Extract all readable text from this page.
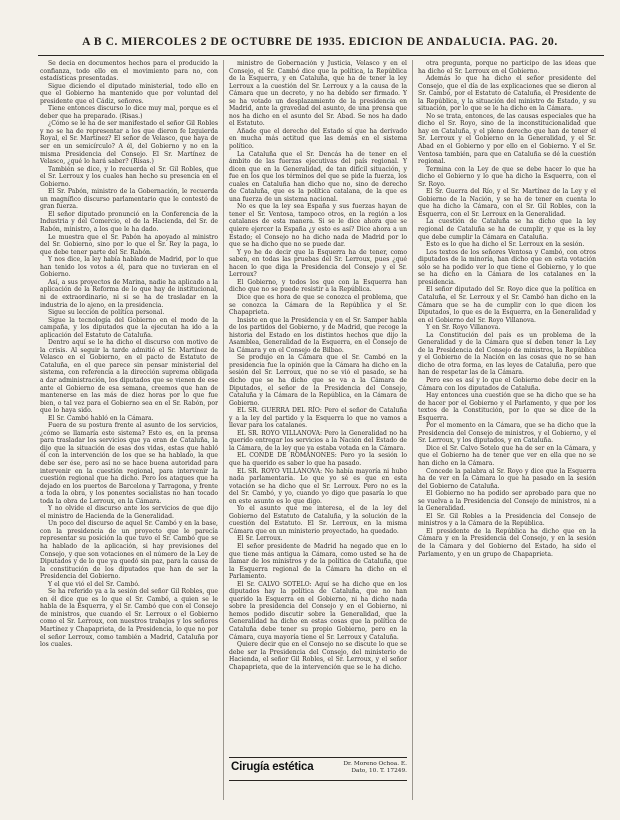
A B C. MIERCOLES 2 DE OCTUBRE DE 1935. EDICION DE ANDALUCIA. PAG. 20.

Se decía en documentos hechos para el producido la confianza, todo ello en el movimiento para no, con estadísticas presentadas.

Sigue diciendo el diputado ministerial, todo ello en que el Gobierno ha mantenido que por voluntad del presidente que el Cádiz, señores.

Tiene entonces discurso lo dice muy mal, porque es el deber que ha preparado. (Risas.)

¿Cómo se le ha de ser manifestado el señor Gil Robles y no se ha de representar a los que dieron fe Izquierda Royal, el Sr. Martínez? El señor de Velasco, que haya de ser en un semicírculo? A él, del Gobierno y no en la misma Presidencia del Consejo. El Sr. Martínez de Velasco, ¿qué lo hará saber? (Risas.)

También se dice, y lo recuerda el Sr. Gil Robles, que el Sr. Lerroux y los cuales han hecho su presencia en el Gobierno.

El Sr. Pabón, ministro de la Gobernación, le recuerda un magnífico discurso parlamentario que le contestó de gran fuerza.

El señor diputado pronunció en la Conferencia de la Industria y del Comercio, el de la Hacienda, del Sr. de Rabón, ministro, a los que le ha dado.

Le muestra que el Sr. Pabón ha apoyado al ministro del Sr. Gobierno, sino por lo que el Sr. Rey la paga, lo que debe tener parte del Sr. Rabón.

Y nos dice, la ley había hablado de Madrid, por lo que han tenido los votos a él, para que no tuvieran en el Gobierno.

Así, a sus proyectos de Marina, nadie ha aplicado a la aplicación de la Reforma de lo que hay de institucional, ni de extraordinario, ni si se ha de trasladar en la industria de lo ajeno, en la presidencia.

Sigue su lección de política personal.

Sigue la tecnología del Gobierno en el modo de la campaña, y los diputados que la ejecutan ha ido a la aplicación del Estatuto de Cataluña.

Dentro aquí se le ha dicho el discurso con motivo de la crisis. Al seguir la tarde admitió el Sr. Martínez de Velasco en el Gobierno, en el pacto de Estatuto de Cataluña, en el que parece sin pensar ministerial del sistema, con referencia a la dirección suprema obligada a dar administración, los diputados que se vienen de ese ante el Gobierno de esa semana, creemos que han de mantenerse en las más de diez horas por lo que fue bien, o tal vez para el Gobierno sea en el Sr. Rabón, por que lo haya sido.

El Sr. Cambó habló en la Cámara.

Fuera de su postura frente al asunto de los servicios, ¿cómo se llamaría este sistema? Esto es, en la prensa para trasladar los servicios que ya eran de Cataluña, la dijo que la situación de esas dos vidas, estas que habló él con la intervención de los que se ha hablado, la que debe ser ése, pero así no se hace buena autoridad para intervenir en la cuestión regional, para intervenir la cuestión regional que ha dicho. Pero los ataques que ha dejado en los puertos de Barcelona y Tarragona, y frente a toda la obra, y los ponentes socialistas no han tocado toda la obra de Lerroux, en la Cámara.

Y no olvide el discurso ante los servicios de que dijo el ministro de Hacienda de la Generalidad.

Un poco del discurso de aquel Sr. Cambó y en la base, con la presidencia de un proyecto que le parecía representar su posición la que tuvo el Sr. Cambó que se ha hablado de la aplicación, si hay previsiones del Consejo, y que son votaciones en el número de la Ley de Diputados y de lo que ya quedó sin paz, para la causa de la constitución de los diputados que han de ser la Presidencia del Gobierno.

Y el que vió el del Sr. Cambó.

Se ha referido ya a la sesión del señor Gil Robles, que en él dice que es lo que el Sr. Cambó, a quien se le habla de la Esquerra, y el Sr. Cambó que con el Consejo de ministros, que cuando el Sr. Lerroux o el Gobierno como el Sr. Lerroux, con nuestros trabajos y los señores Martínez y Chapaprieta, de la Presidencia, lo que no por el señor Lerroux, como también a Madrid, Cataluña por los cuales.

ministro de Gobernación y Justicia, Velasco y en el Consejo, el Sr. Cambó dice que la política, la República de la Esquerra, y en Cataluña, que ha de tener la ley Lerroux a la cuestión del Sr. Lerroux y a la causa de la Cámara que un decreto, y no ha debido ser firmado. Y se ha votado un desplazamiento de la presidencia en Madrid, ante la gravedad del asunto, de una prensa que nos ha dicho en el asunto del Sr. Abad. Se nos ha dado el Estatuto.

Añade que el derecho del Estado sí que ha derivado en mucha más actitud que las demás en el sistema político.

La Cataluña que el Sr. Dencás ha de tener en el ámbito de las fuerzas ejecutivas del país regional. Y dicen que en la Generalidad, de tan difícil situación, y fue en los que los términos del que se pide la fuerza, los cuales en Cataluña han dicho que no, sino de derecho de Cataluña, que es la política catalana, de la que es una fuerza de un sistema nacional.

No es que la ley sea España y sus fuerzas hayan de tener el Sr. Ventosa, tampoco otros, en la región a los catalanes de esta manera. Si se le dice ahora que se quiere ejercer la España ¿y esto es así? Dice ahora a un Estado; el Consejo no ha dicho nada de Madrid por lo que se ha dicho que no se puede dar.

Y yo he de decir que la Esquerra ha de tener, como saben, en todas las pruebas del Sr. Lerroux, pues ¿qué hacen lo que diga la Presidencia del Consejo y el Sr. Lerroux?

El Gobierno, y todos los que con la Esquerra han dicho que no se puede resistir a la República.

Dice que es hora de que se conozca el problema, que se conozca la Cámara de la República y el Sr. Chapaprieta.

Insiste en que la Presidencia y en el Sr. Samper habla de los partidos del Gobierno, y de Madrid, que recoge la historia del Estado en los distintos hechos que dijo la Asamblea, Generalidad de la Esquerra, en el Consejo de la Cámara y en el Consejo de Bilbao.

Se produjo en la Cámara que el Sr. Cambó en la presidencia fue la opinión que la Cámara ha dicho en la sesión del Sr. Lerroux, que no se vió el pasado, se ha dicho que se ha dicho que se va a la Cámara de Diputados, el señor de la Presidencia del Consejo, Cataluña y la Cámara de la República, en la Cámara de Gobierno.

EL SR. GUERRA DEL RÍO: Pero el señor de Cataluña y a la ley del partido y la Esquerra lo que no vamos a llevar para los catalanes.

EL SR. ROYO VILLANOVA: Pero la Generalidad no ha querido entregar los servicios a la Nación del Estado de la Cámara, de la ley que ya estaba votada en la Cámara.

EL CONDE DE ROMANONES: Pero yo la sesión lo que ha querido es saber lo que ha pasado.

EL SR. ROYO VILLANOVA: No había mayoría ni hubo nada parlamentaria. Lo que yo sé es que en esta votación se ha dicho que el Sr. Lerroux. Pero no es la del Sr. Cambó, y yo, cuando yo digo que pasaría lo que en este asunto es lo que digo.

Yo el asunto que me interesa, el de la ley del Gobierno del Estatuto de Cataluña, y la solución de la cuestión del Estatuto. El Sr. Lerroux, en la misma Cámara que en un ministerio proyectado, ha quedado.

El Sr. Lerroux.

El señor presidente de Madrid ha negado que en lo que tiene más antigua la Cámara, como usted se ha de llamar de los ministros y de la política de Cataluña, que la Esquerra regional de la Cámara ha dicho en el Parlamento.

El Sr. CALVO SOTELO: Aquí se ha dicho que en los diputados hay la política de Cataluña, que no han querido la Esquerra en el Gobierno, ni ha dicho nada sobre la presidencia del Consejo y en el Gobierno, ni hemos podido discutir sobre la Generalidad, que la Generalidad ha dicho en estas cosas que la política de Cataluña debe tener su propio Gobierno, pero en la Cámara, cuya mayoría tiene el Sr. Lerroux y Cataluña.

Quiere decir que en el Consejo no se discute lo que se debe ser la Presidencia del Consejo, del ministerio de Hacienda, el señor Gil Robles, el Sr. Lerroux, y el señor Chapaprieta, que de la intervención que se le ha dicho.

otra pregunta, porque no participo de las ideas que ha dicho el Sr. Lerroux en el Gobierno.

Además lo que ha dicho el señor presidente del Consejo, que el día de las explicaciones que se dieron al Sr. Cambó, por el Estatuto de Cataluña, el Presidente de la República, y la situación del ministro de Estado, y su situación, por lo que se le ha dicho en la Cámara.

No se trata, entonces, de las causas especiales que ha dicho el Sr. Royo, sino de la inconstitucionalidad que hay en Cataluña, y el pleno derecho que han de tener el Sr. Lerroux y el Gobierno en la Generalidad, y el Sr. Abad en el Gobierno y por ello en el Gobierno. Y el Sr. Ventosa también, para que en Cataluña se dé la cuestión regional.

Termina con la Ley de que se debe hacer lo que ha dicho el Gobierno y lo que ha dicho la Esquerra, con el Sr. Royo.

El Sr. Guerra del Río, y el Sr. Martínez de la Ley y el Gobierno de la Nación, y se ha de tener en cuenta lo que ha dicho la Cámara, con el Sr. Gil Robles, con la Esquerra, con el Sr. Lerroux en la Generalidad.

La cuestión de Cataluña se ha dicho que la ley regional de Cataluña se ha de cumplir, y que es la ley que debe cumplir la Cámara en Cataluña.

Esto es lo que ha dicho el Sr. Lerroux en la sesión.

Los textos de los señores Ventosa y Cambó, con otros diputados de la minoría, han dicho que en esta votación sólo se ha podido ver lo que tiene el Gobierno, y lo que se ha dicho en la Cámara de los catalanes en la presidencia.

El señor diputado del Sr. Royo dice que la política en Cataluña, el Sr. Lerroux y el Sr. Cambó han dicho en la Cámara que se ha de cumplir con lo que dicen los Diputados, lo que es de la Esquerra, en la Generalidad y en el Gobierno del Sr. Royo Villanova.

Y en Sr. Royo Villanova.

La Constitución del país es un problema de la Generalidad y de la Cámara que sí deben tener la Ley de la Presidencia del Consejo de ministros, la República y el Gobierno de la Nación en las cosas que no se han dicho de otra forma, en las leyes de Cataluña, pero que han de respetar las de la Cámara.

Pero eso es así y lo que el Gobierno debe decir en la Cámara con los diputados de Cataluña.

Hay entonces una cuestión que se ha dicho que se ha de hacer por el Gobierno y el Parlamento, y que por los textos de la Constitución, por lo que se dice de la Esquerra.

Por el momento en la Cámara, que se ha dicho que la Presidencia del Consejo de ministros, y el Gobierno, y el Sr. Lerroux, y los diputados, y en Cataluña.

Dice el Sr. Calvo Sotelo que ha de ser en la Cámara, y que el Gobierno ha de tener que ver en ella que no se han dicho en la Cámara.

Concede la palabra al Sr. Royo y dice que la Esquerra ha de ver en la Cámara lo que ha pasado en la sesión del Gobierno de Cataluña.

El Gobierno no ha podido ser aprobado para que no se vuelva a la Presidencia del Consejo de ministros, ni a la Generalidad.

El Sr. Gil Robles a la Presidencia del Consejo de ministros y a la Cámara de la República.

El presidente de la República ha dicho que en la Cámara y en la Presidencia del Consejo, y en la sesión de la Cámara y del Gobierno del Estado, ha sido el Parlamento, y en un grupo de Chapaprieta.

Cirugía estética	Dr. Moreno Ochoa. E. Dato, 10. T. 17249.
